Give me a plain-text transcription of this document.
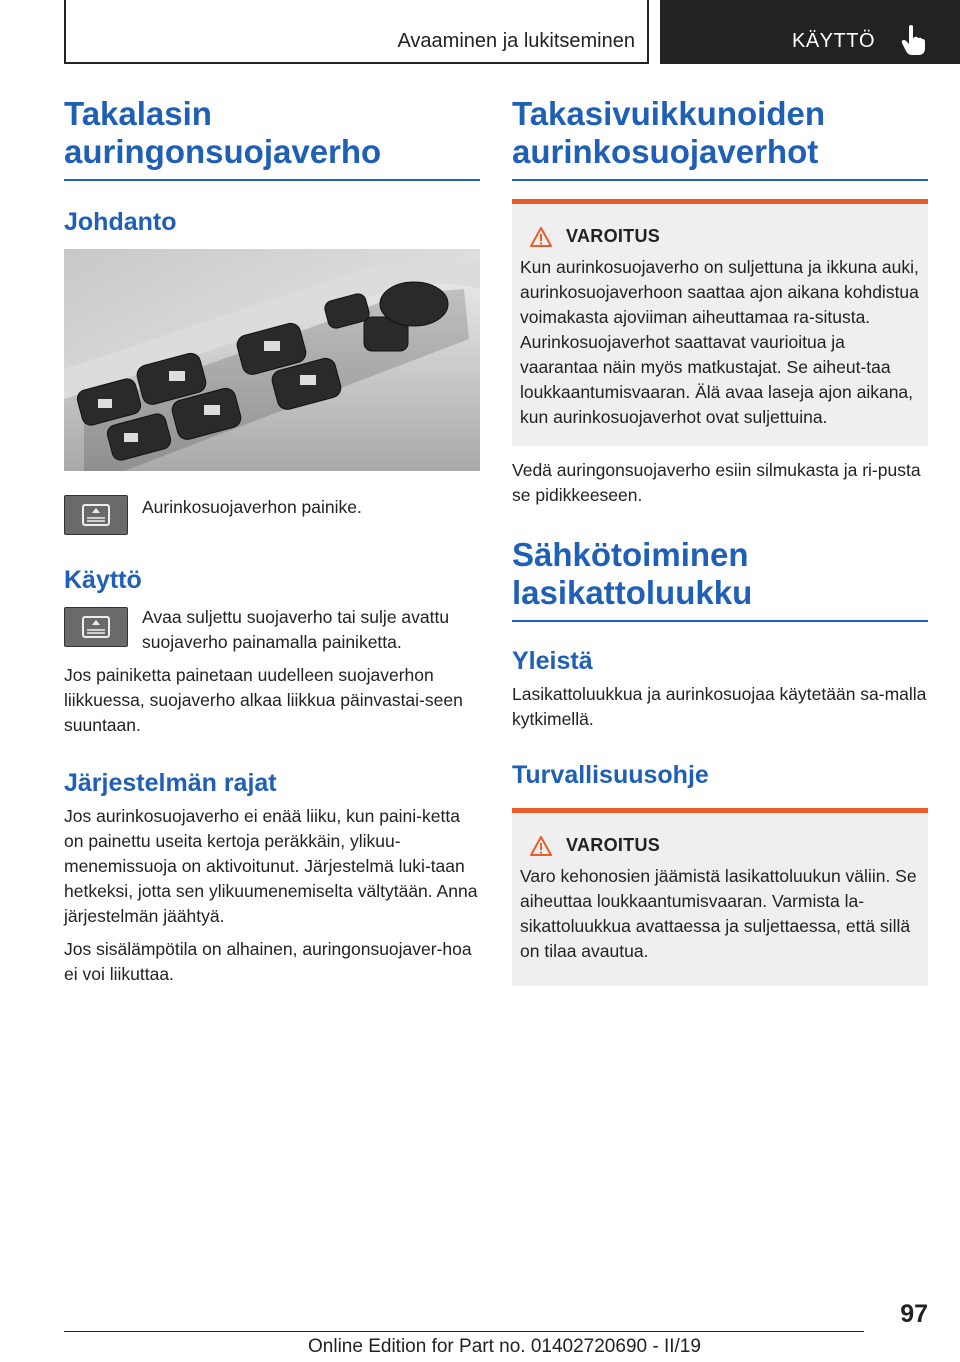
Avaaminen ja lukitseminen	KÄYTTÖ
Takalasin
auringonsuojaverho
Johdanto

Aurinkosuojaverhon painike.

Käyttö

Avaa suljettu suojaverho tai sulje avattu suojaverho painamalla painiketta.

Jos painiketta painetaan uudelleen suojaverhon liikkuessa, suojaverho alkaa liikkua päinvastai-seen suuntaan.

Järjestelmän rajat

Jos aurinkosuojaverho ei enää liiku, kun paini-ketta on painettu useita kertoja peräkkäin, ylikuu-menemissuoja on aktivoitunut. Järjestelmä luki-taan hetkeksi, jotta sen ylikuumenemiselta vältytään. Anna järjestelmän jäähtyä.

Jos sisälämpötila on alhainen, auringonsuojaver-hoa ei voi liikuttaa.

Takasivuikkunoiden
aurinkosuojaverhot
VAROITUS

Kun aurinkosuojaverho on suljettuna ja ikkuna auki, aurinkosuojaverhoon saattaa ajon aikana kohdistua voimakasta ajoviiman aiheuttamaa ra-situsta. Aurinkosuojaverhot saattavat vaurioitua ja vaarantaa näin myös matkustajat. Se aiheut-taa loukkaantumisvaaran. Älä avaa laseja ajon aikana, kun aurinkosuojaverhot ovat suljettuina.

Vedä auringonsuojaverho esiin silmukasta ja ri-pusta se pidikkeeseen.

Sähkötoiminen
lasikattoluukku
Yleistä

Lasikattoluukkua ja aurinkosuojaa käytetään sa-malla kytkimellä.

Turvallisuusohje
VAROITUS

Varo kehonosien jäämistä lasikattoluukun väliin. Se aiheuttaa loukkaantumisvaaran. Varmista la-sikattoluukkua avattaessa ja suljettaessa, että sillä on tilaa avautua.

97
Online Edition for Part no. 01402720690 - II/19
